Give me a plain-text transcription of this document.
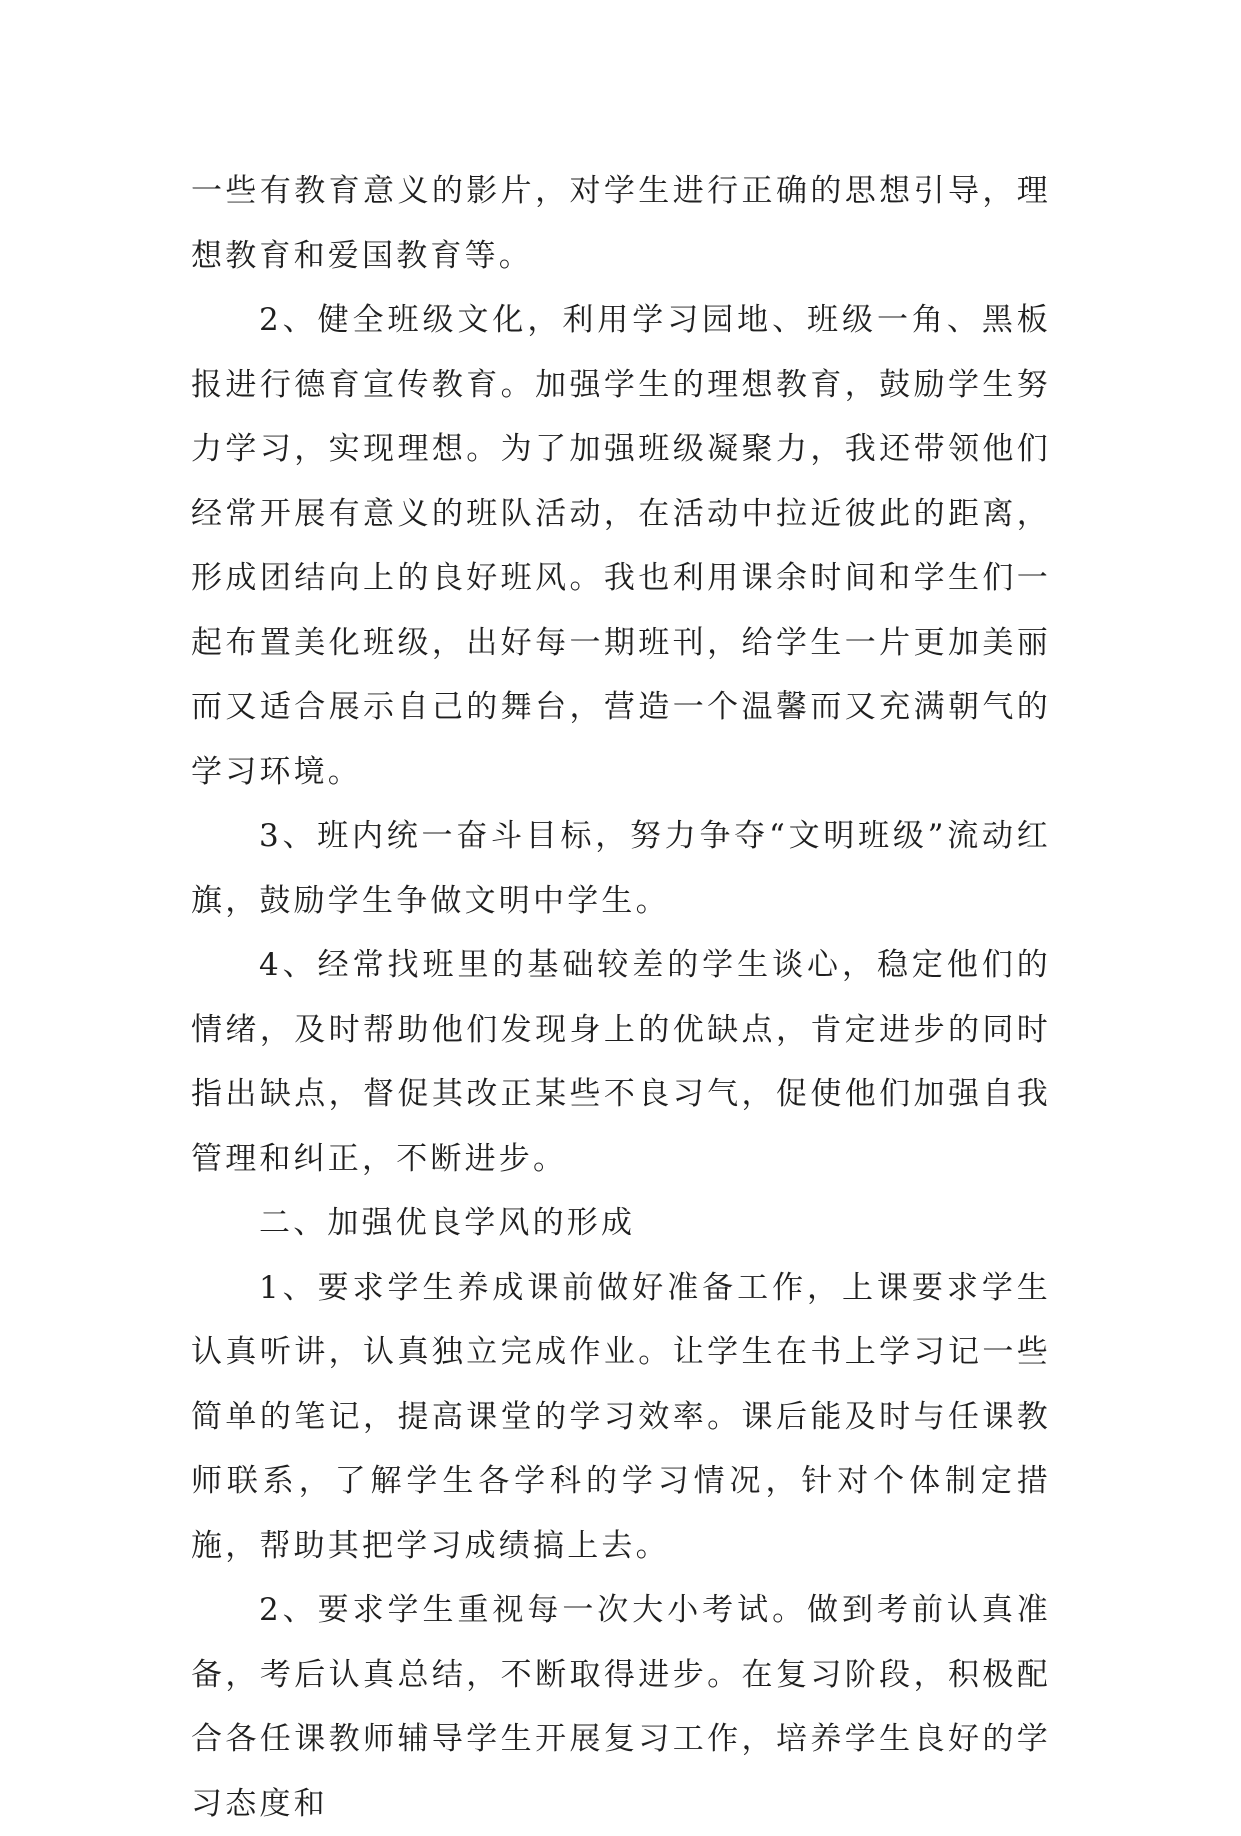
一些有教育意义的影片，对学生进行正确的思想引导，理想教育和爱国教育等。

2、健全班级文化，利用学习园地、班级一角、黑板报进行德育宣传教育。加强学生的理想教育，鼓励学生努力学习，实现理想。为了加强班级凝聚力，我还带领他们经常开展有意义的班队活动，在活动中拉近彼此的距离，形成团结向上的良好班风。我也利用课余时间和学生们一起布置美化班级，出好每一期班刊，给学生一片更加美丽而又适合展示自己的舞台，营造一个温馨而又充满朝气的学习环境。

3、班内统一奋斗目标，努力争夺“文明班级”流动红旗，鼓励学生争做文明中学生。

4、经常找班里的基础较差的学生谈心，稳定他们的情绪，及时帮助他们发现身上的优缺点，肯定进步的同时指出缺点，督促其改正某些不良习气，促使他们加强自我管理和纠正，不断进步。

二、加强优良学风的形成

1、要求学生养成课前做好准备工作，上课要求学生认真听讲，认真独立完成作业。让学生在书上学习记一些简单的笔记，提高课堂的学习效率。课后能及时与任课教师联系，了解学生各学科的学习情况，针对个体制定措施，帮助其把学习成绩搞上去。

2、要求学生重视每一次大小考试。做到考前认真准备，考后认真总结，不断取得进步。在复习阶段，积极配合各任课教师辅导学生开展复习工作，培养学生良好的学习态度和
